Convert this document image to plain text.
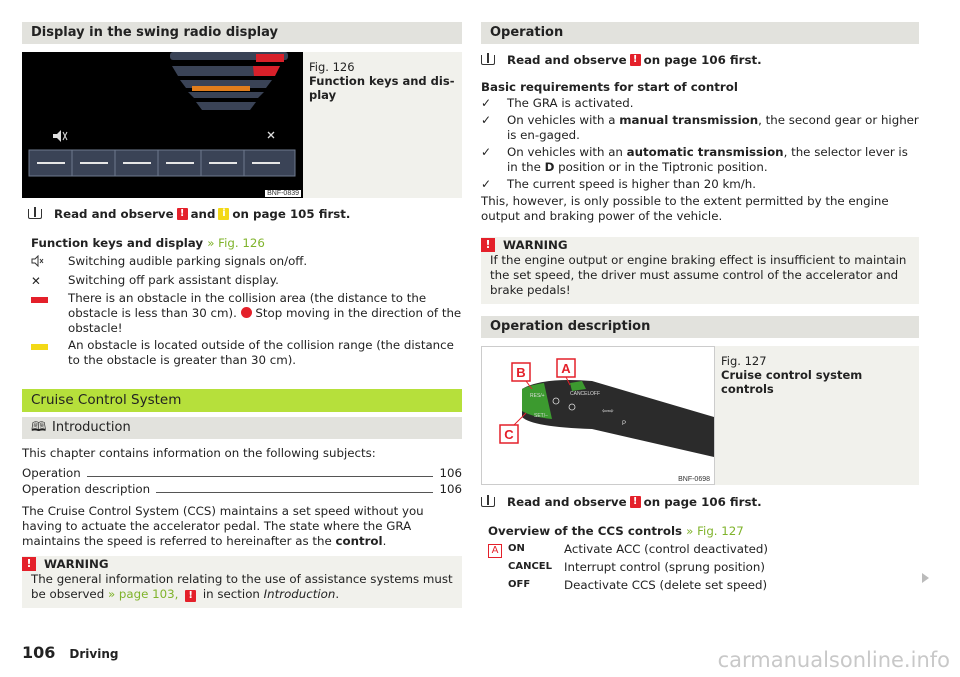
Display in the swing radio display
BNF-0839
Fig. 126
Function keys and dis-play
Read and observe ! and i on page 105 first.
Function keys and display » Fig. 126
Switching audible parking signals on/off.
✕	Switching off park assistant display.
There is an obstacle in the collision area (the distance to the obstacle is less than 30 cm). Stop moving in the direction of the obstacle!
An obstacle is located outside of the collision range (the distance to the obstacle is greater than 30 cm).
Cruise Control System
🕮 Introduction

This chapter contains information on the following subjects:

Operation	106
Operation description	106

The Cruise Control System (CCS) maintains a set speed without you having to actuate the accelerator pedal. The state where the GRA maintains the speed is referred to hereinafter as the control.

!	WARNING
The general information relating to the use of assistance systems must be observed » page 103, ! in section Introduction.
Operation
Read and observe ! on page 106 first.
Basic requirements for start of control
✓
The GRA is activated.
✓
On vehicles with a manual transmission, the second gear or higher is en-gaged.
✓
On vehicles with an automatic transmission, the selector lever is in the D position or in the Tiptronic position.
✓
The current speed is higher than 20 km/h.

This, however, is only possible to the extent permitted by the engine output and braking power of the vehicle.

!	WARNING
If the engine output or engine braking effect is insufficient to maintain the set speed, the driver must assume control of the accelerator and brake pedals!
Operation description
RES/+
SET/−
CANCEL OFF
⇦⇨
P
A
B
C
BNF-0698
Fig. 127
Cruise control system controls
Read and observe ! on page 106 first.
Overview of the CCS controls » Fig. 127
A ON	Activate ACC (control deactivated)
CANCEL	Interrupt control (sprung position)
OFF	Deactivate CCS (delete set speed)
106 Driving	carmanualsonline.info
